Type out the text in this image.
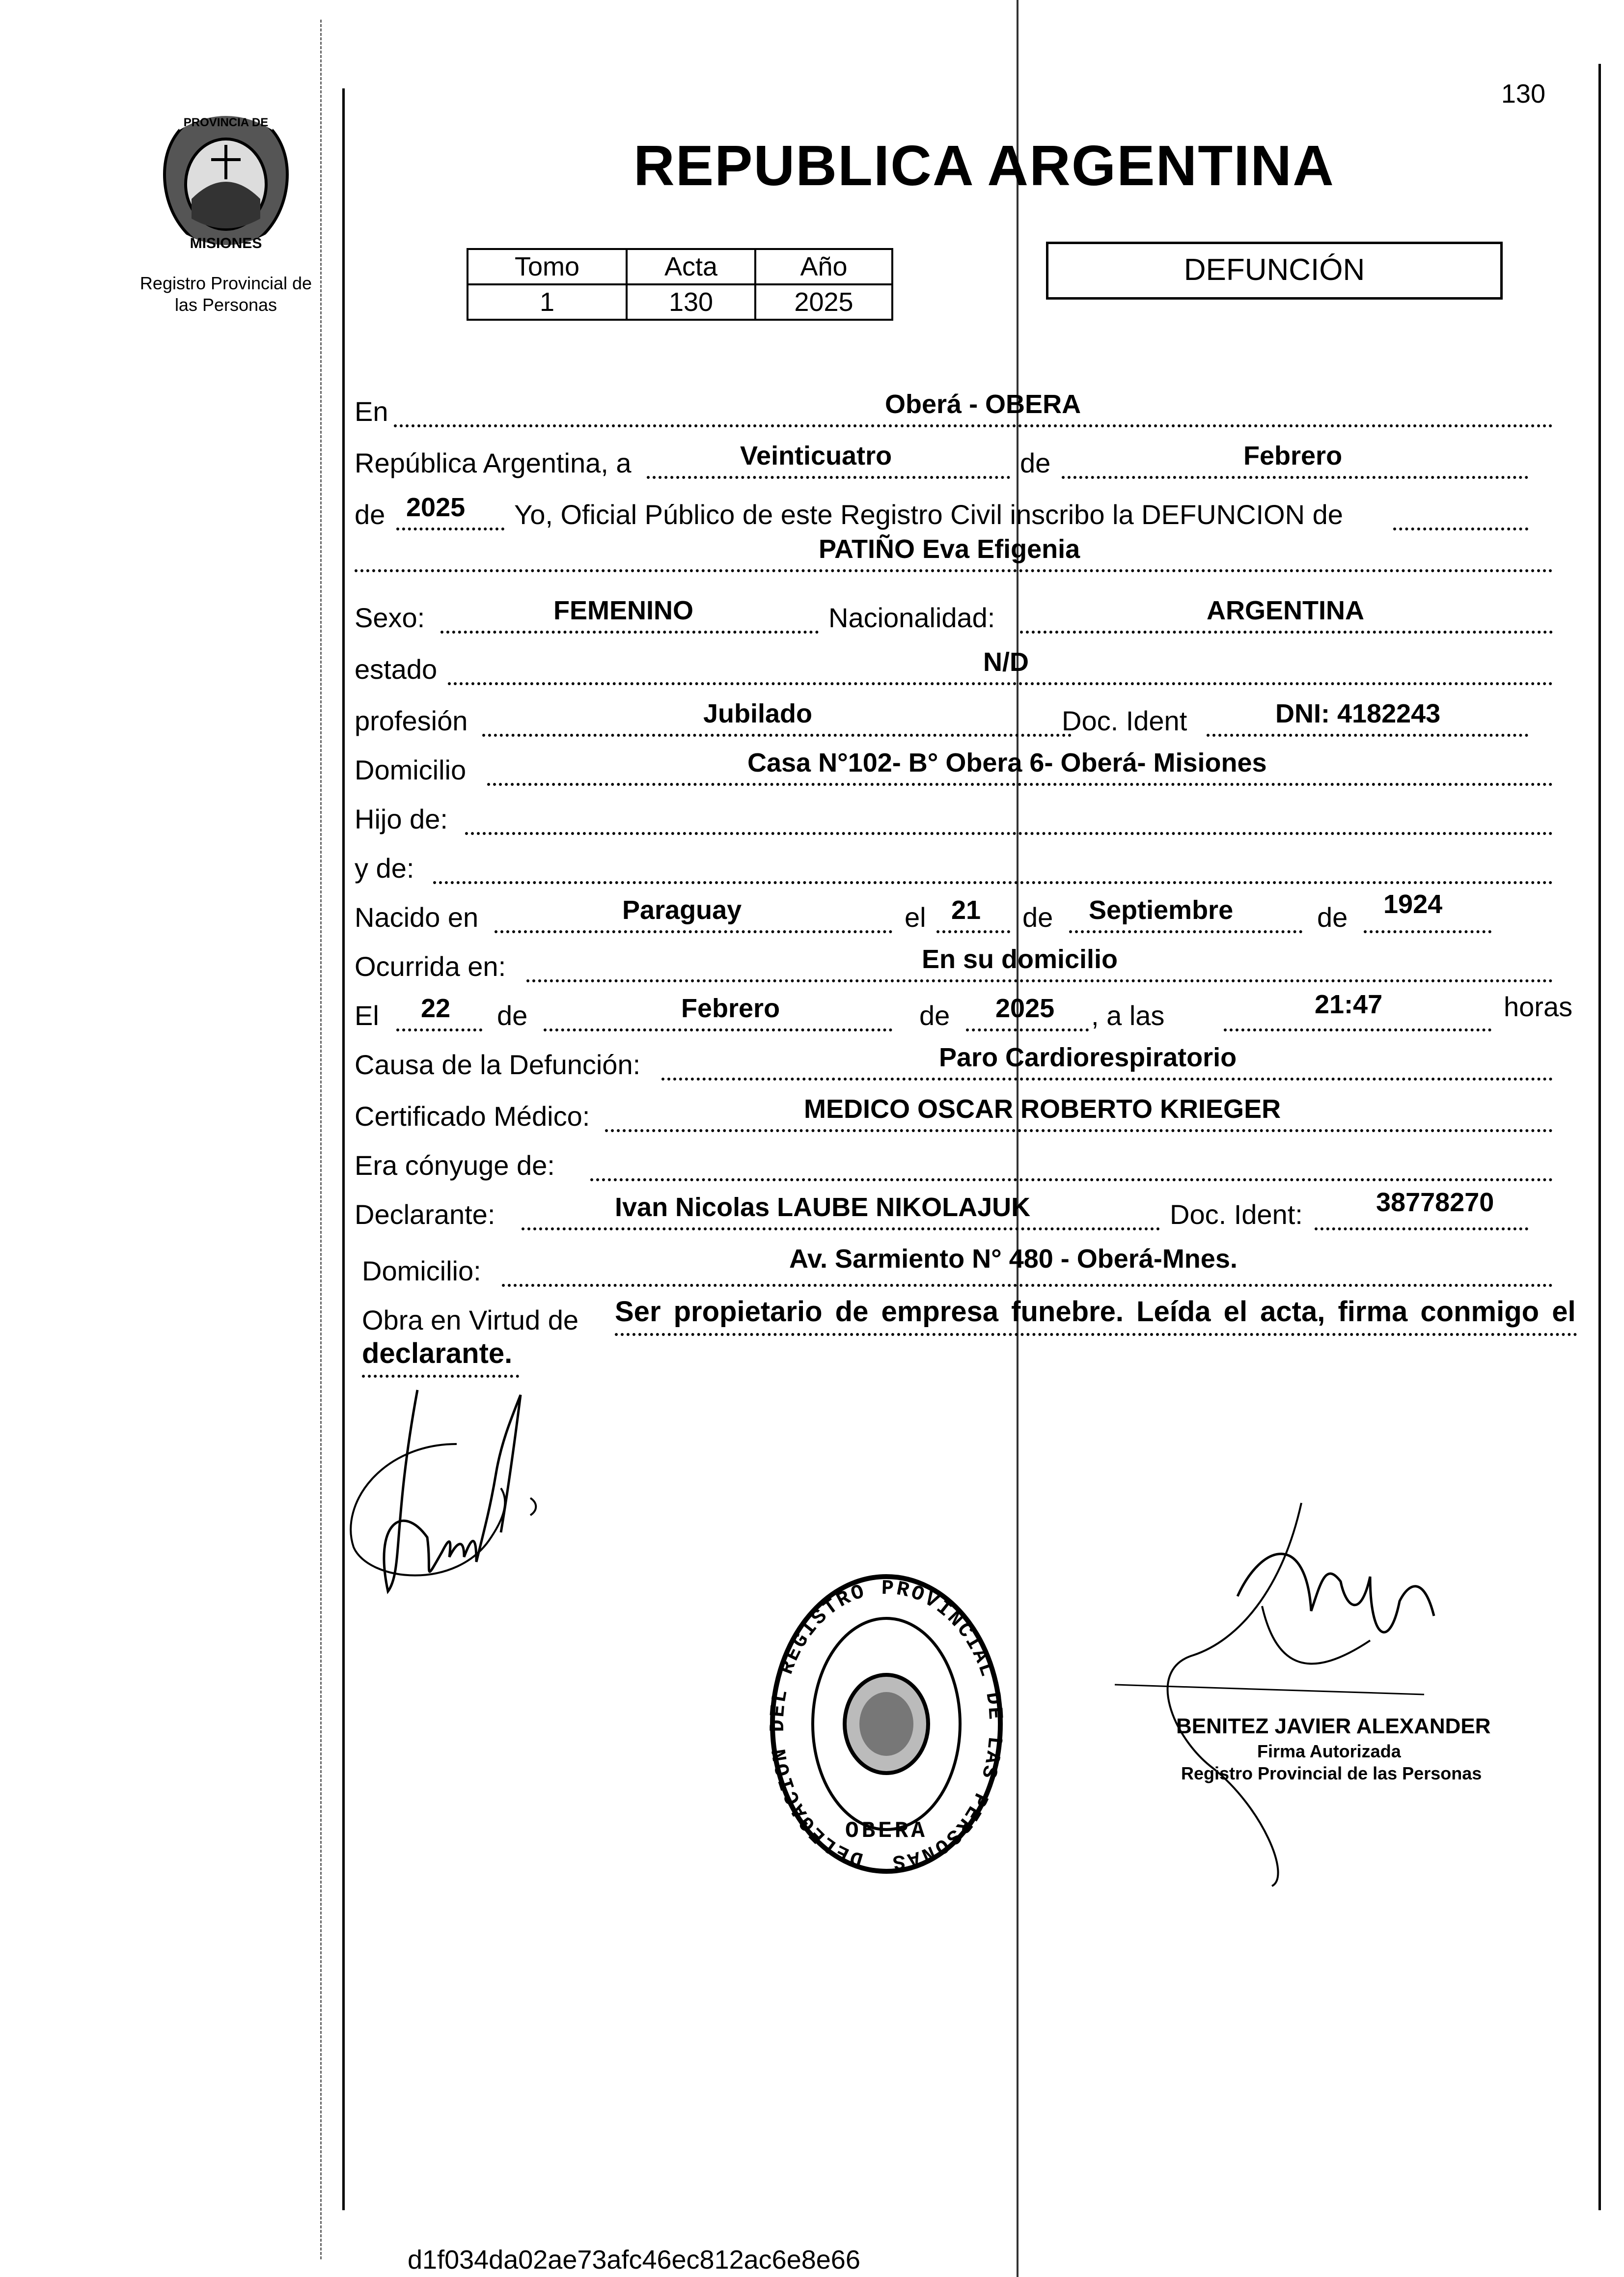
130
PROVINCIA DE
MISIONES
Registro Provincial de
las Personas
REPUBLICA ARGENTINA
Tomo	Acta	Año
1	130	2025
DEFUNCIÓN
En	Oberá - OBERA
República Argentina, a	Veinticuatro	de	Febrero
de 2025 Yo, Oficial Público de este Registro Civil inscribo la DEFUNCION de
PATIÑO Eva Efigenia
Sexo:	FEMENINO	Nacionalidad:	ARGENTINA
estado	N/D
profesión	Jubilado	Doc. Ident	DNI: 4182243
Domicilio	Casa N°102- B° Obera 6- Oberá- Misiones
Hijo de:
y de:
Nacido en	Paraguay	el 21 de Septiembre	de 1924
Ocurrida en:	En su domicilio
El 22 de	Febrero	de 2025 , a las	21:47	horas
Causa de la Defunción:	Paro Cardiorespiratorio
Certificado Médico:	MEDICO OSCAR ROBERTO KRIEGER
Era cónyuge de:
Declarante:	Ivan Nicolas LAUBE NIKOLAJUK	Doc. Ident:	38778270
Domicilio:	Av. Sarmiento N° 480 - Oberá-Mnes.
Obra en Virtud de Ser propietario de empresa funebre. Leída el acta, firma conmigo el
declarante.
DELEGACION DEL REGISTRO PROVINCIAL DE LAS PERSONAS
OBERA
BENITEZ JAVIER ALEXANDER
Firma Autorizada
Registro Provincial de las Personas
d1f034da02ae73afc46ec812ac6e8e66
